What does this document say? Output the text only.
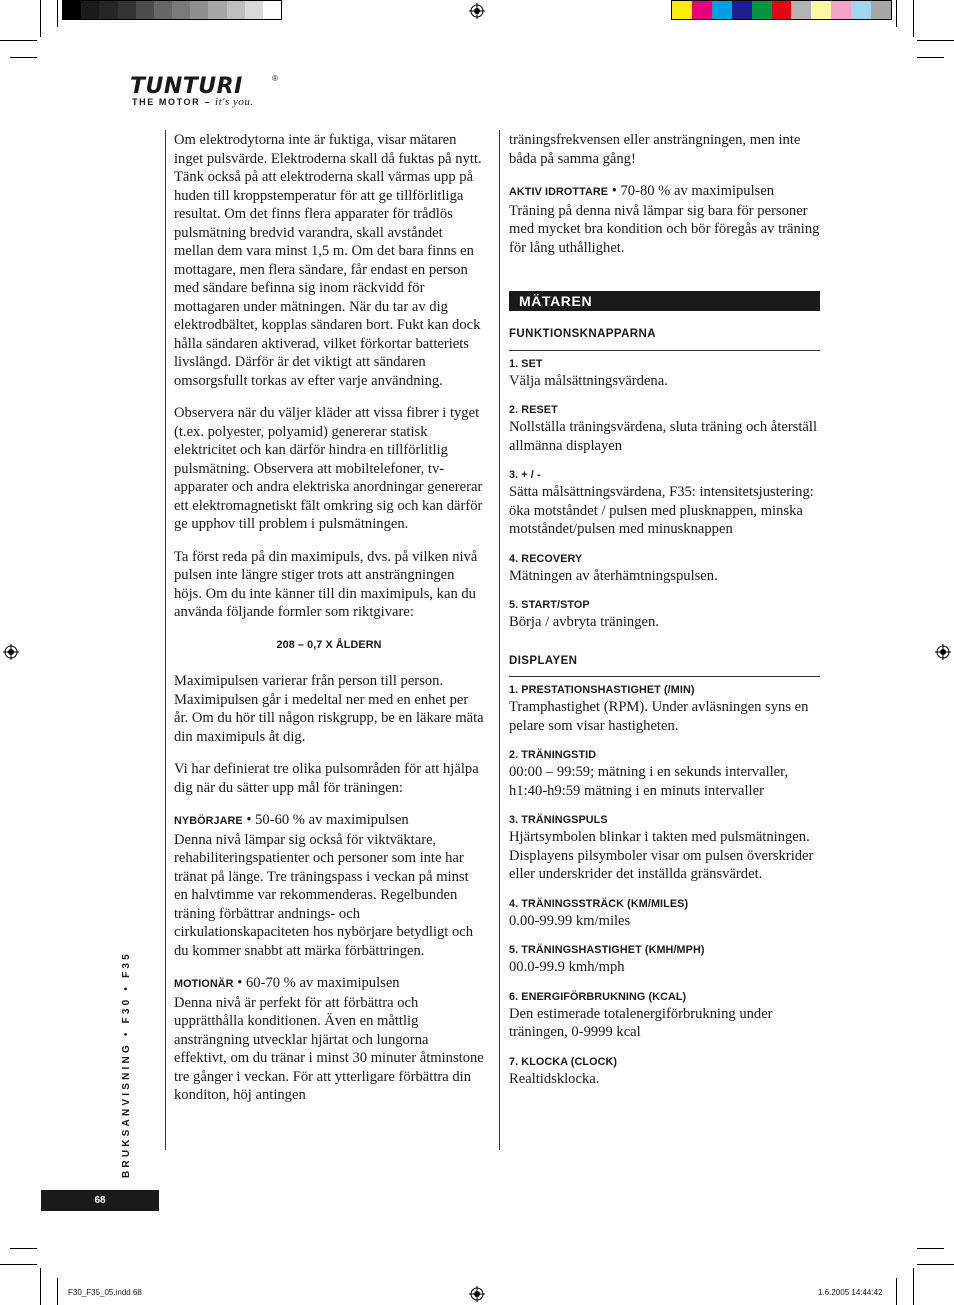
TUNTURI	®
THE MOTOR – it's you.

Om elektrodytorna inte är fuktiga, visar mätaren inget pulsvärde. Elektroderna skall då fuktas på nytt. Tänk också på att elektroderna skall värmas upp på huden till kroppstemperatur för att ge tillförlitliga resultat. Om det finns flera apparater för trådlös pulsmätning bredvid varandra, skall avståndet mellan dem vara minst 1,5 m. Om det bara finns en mottagare, men flera sändare, får endast en person med sändare befinna sig inom räckvidd för mottagaren under mätningen. När du tar av dig elektrodbältet, kopplas sändaren bort. Fukt kan dock hålla sändaren aktiverad, vilket förkortar batteriets livslängd. Därför är det viktigt att sändaren omsorgsfullt torkas av efter varje användning.

Observera när du väljer kläder att vissa fibrer i tyget (t.ex. polyester, polyamid) genererar statisk elektricitet och kan därför hindra en tillförlitlig pulsmätning. Observera att mobiltelefoner, tv-apparater och andra elektriska anordningar genererar ett elektromagnetiskt fält omkring sig och kan därför ge upphov till problem i pulsmätningen.

Ta först reda på din maximipuls, dvs. på vilken nivå pulsen inte längre stiger trots att ansträngningen höjs. Om du inte känner till din maximipuls, kan du använda följande formler som riktgivare:

208 – 0,7 X ÅLDERN

Maximipulsen varierar från person till person. Maximipulsen går i medeltal ner med en enhet per år. Om du hör till någon riskgrupp, be en läkare mäta din maximipuls åt dig.

Vi har definierat tre olika pulsområden för att hjälpa dig när du sätter upp mål för träningen:

NYBÖRJARE • 50-60 % av maximipulsen
Denna nivå lämpar sig också för viktväktare, rehabiliteringspatienter och personer som inte har tränat på länge. Tre träningspass i veckan på minst en halvtimme var rekommenderas. Regelbunden träning förbättrar andnings- och cirkulationskapaciteten hos nybörjare betydligt och du kommer snabbt att märka förbättringen.

MOTIONÄR • 60-70 % av maximipulsen
Denna nivå är perfekt för att förbättra och upprätthålla konditionen. Även en måttlig ansträngning utvecklar hjärtat och lungorna effektivt, om du tränar i minst 30 minuter åtminstone tre gånger i veckan. För att ytterligare förbättra din konditon, höj antingen

träningsfrekvensen eller ansträngningen, men inte båda på samma gång!

AKTIV IDROTTARE • 70-80 % av maximipulsen
Träning på denna nivå lämpar sig bara för personer med mycket bra kondition och bör föregås av träning för lång uthållighet.

MÄTAREN
FUNKTIONSKNAPPARNA
1. SET
Välja målsättningsvärdena.
2. RESET
Nollställa träningsvärdena, sluta träning och återställ allmänna displayen
3. + / -
Sätta målsättningsvärdena, F35: intensitetsjustering: öka motståndet / pulsen med plusknappen, minska motståndet/pulsen med minusknappen
4. RECOVERY
Mätningen av återhämtningspulsen.
5. START/STOP
Börja / avbryta träningen.
DISPLAYEN
1. PRESTATIONSHASTIGHET (/MIN)
Tramphastighet (RPM). Under avläsningen syns en pelare som visar hastigheten.
2. TRÄNINGSTID
00:00 – 99:59; mätning i en sekunds intervaller, h1:40-h9:59 mätning i en minuts intervaller
3. TRÄNINGSPULS
Hjärtsymbolen blinkar i takten med pulsmätningen. Displayens pilsymboler visar om pulsen överskrider eller underskrider det inställda gränsvärdet.
4. TRÄNINGSSTRÄCK (KM/MILES)
0.00-99.99 km/miles
5. TRÄNINGSHASTIGHET (KMH/MPH)
00.0-99.9 kmh/mph
6. ENERGIFÖRBRUKNING (KCAL)
Den estimerade totalenergiförbrukning under träningen, 0-9999 kcal
7. KLOCKA (CLOCK)
Realtidsklocka.
BRUKSANVISNING • F30 • F35
68
F30_F35_05.indd 68	1.6.2005 14:44:42
